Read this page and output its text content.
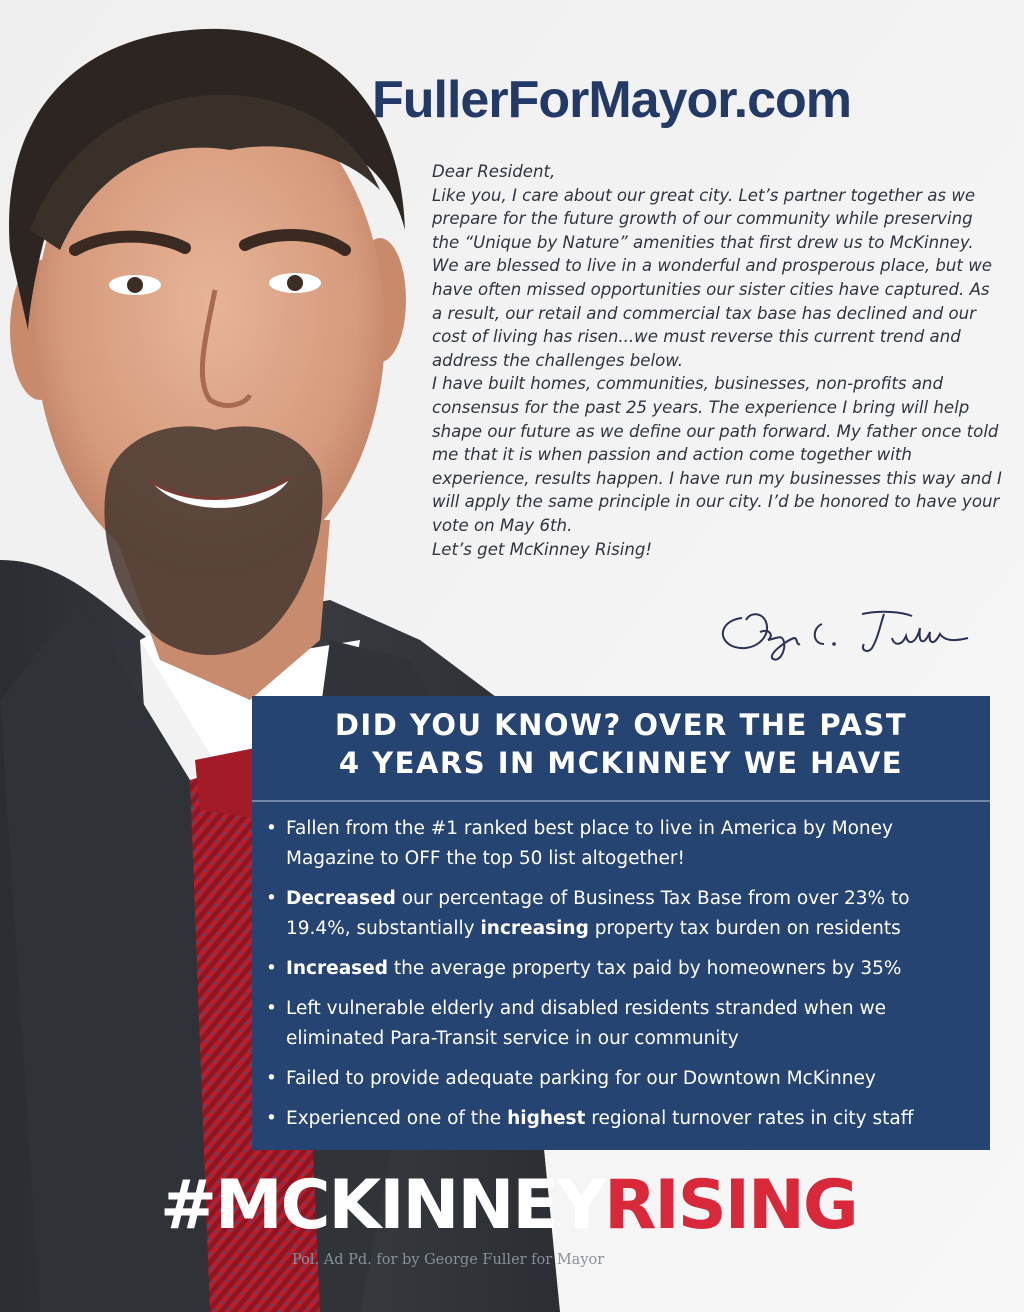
FullerForMayor.com

Dear Resident,

Like you, I care about our great city. Let’s partner together as we prepare for the future growth of our community while preserving the “Unique by Nature” amenities that first drew us to McKinney. We are blessed to live in a wonderful and prosperous place, but we have often missed opportunities our sister cities have captured. As a result, our retail and commercial tax base has declined and our cost of living has risen...we must reverse this current trend and address the challenges below.

I have built homes, communities, businesses, non-profits and consensus for the past 25 years. The experience I bring will help shape our future as we define our path forward. My father once told me that it is when passion and action come together with experience, results happen. I have run my businesses this way and I will apply the same principle in our city. I’d be honored to have your vote on May 6th.

Let’s get McKinney Rising!

DID YOU KNOW? OVER THE PAST
4 YEARS IN MCKINNEY WE HAVE
• Fallen from the #1 ranked best place to live in America by Money Magazine to OFF the top 50 list altogether!
• Decreased our percentage of Business Tax Base from over 23% to 19.4%, substantially increasing property tax burden on residents
• Increased the average property tax paid by homeowners by 35%
• Left vulnerable elderly and disabled residents stranded when we eliminated Para-Transit service in our community
• Failed to provide adequate parking for our Downtown McKinney
• Experienced one of the highest regional turnover rates in city staff
#MCKINNEYRISING
Pol. Ad Pd. for by George Fuller for Mayor
